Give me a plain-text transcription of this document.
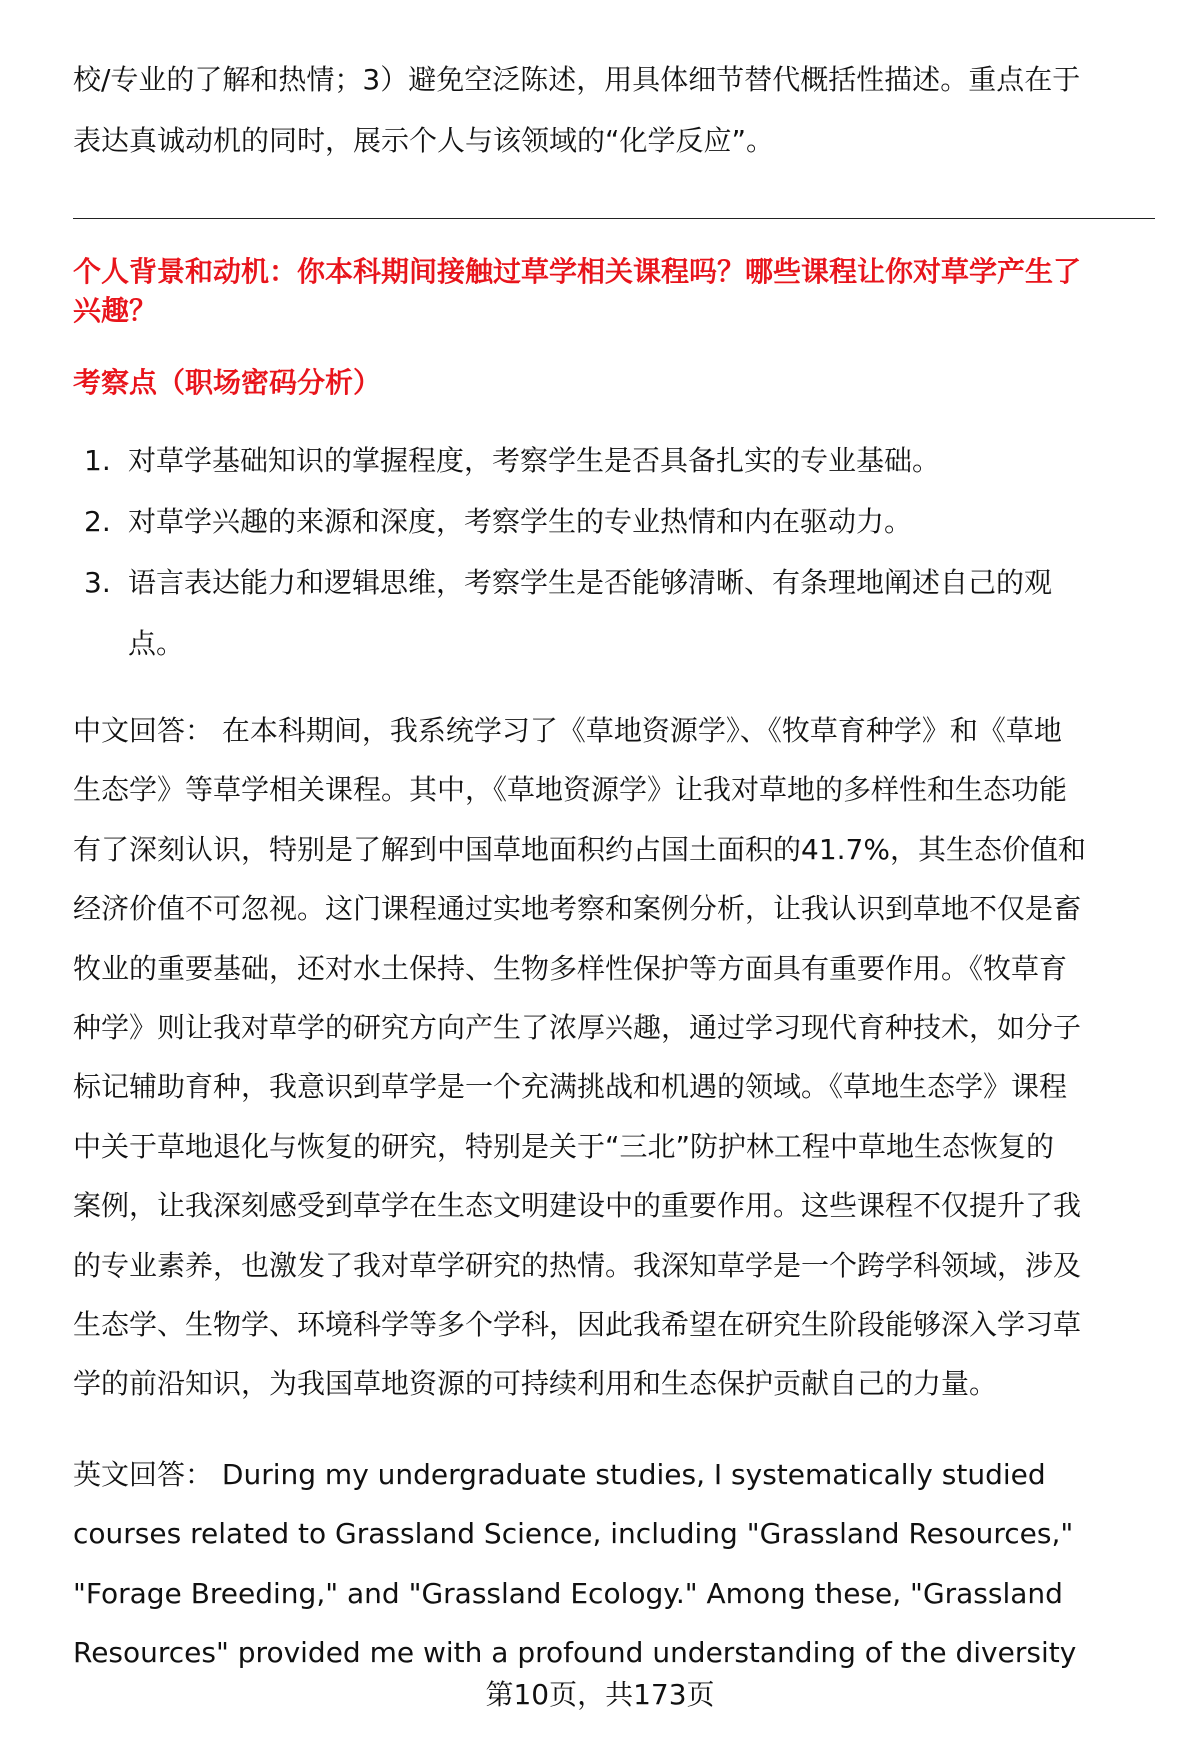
校/专业的了解和热情；3）避免空泛陈述，用具体细节替代概括性描述。重点在于
表达真诚动机的同时，展示个人与该领域的“化学反应”。
个人背景和动机：你本科期间接触过草学相关课程吗？哪些课程让你对草学产生了
兴趣？
考察点（职场密码分析）
1. 对草学基础知识的掌握程度，考察学生是否具备扎实的专业基础。
2. 对草学兴趣的来源和深度，考察学生的专业热情和内在驱动力。
3. 语言表达能力和逻辑思维，考察学生是否能够清晰、有条理地阐述自己的观
点。
中文回答： 在本科期间，我系统学习了《草地资源学》、《牧草育种学》和《草地
生态学》等草学相关课程。其中，《草地资源学》让我对草地的多样性和生态功能
有了深刻认识，特别是了解到中国草地面积约占国土面积的41.7%，其生态价值和
经济价值不可忽视。这门课程通过实地考察和案例分析，让我认识到草地不仅是畜
牧业的重要基础，还对水土保持、生物多样性保护等方面具有重要作用。《牧草育
种学》则让我对草学的研究方向产生了浓厚兴趣，通过学习现代育种技术，如分子
标记辅助育种，我意识到草学是一个充满挑战和机遇的领域。《草地生态学》课程
中关于草地退化与恢复的研究，特别是关于“三北”防护林工程中草地生态恢复的
案例，让我深刻感受到草学在生态文明建设中的重要作用。这些课程不仅提升了我
的专业素养，也激发了我对草学研究的热情。我深知草学是一个跨学科领域，涉及
生态学、生物学、环境科学等多个学科，因此我希望在研究生阶段能够深入学习草
学的前沿知识，为我国草地资源的可持续利用和生态保护贡献自己的力量。
英文回答： During my undergraduate studies, I systematically studied
courses related to Grassland Science, including "Grassland Resources,"
"Forage Breeding," and "Grassland Ecology." Among these, "Grassland
Resources" provided me with a profound understanding of the diversity
第10页，共173页
